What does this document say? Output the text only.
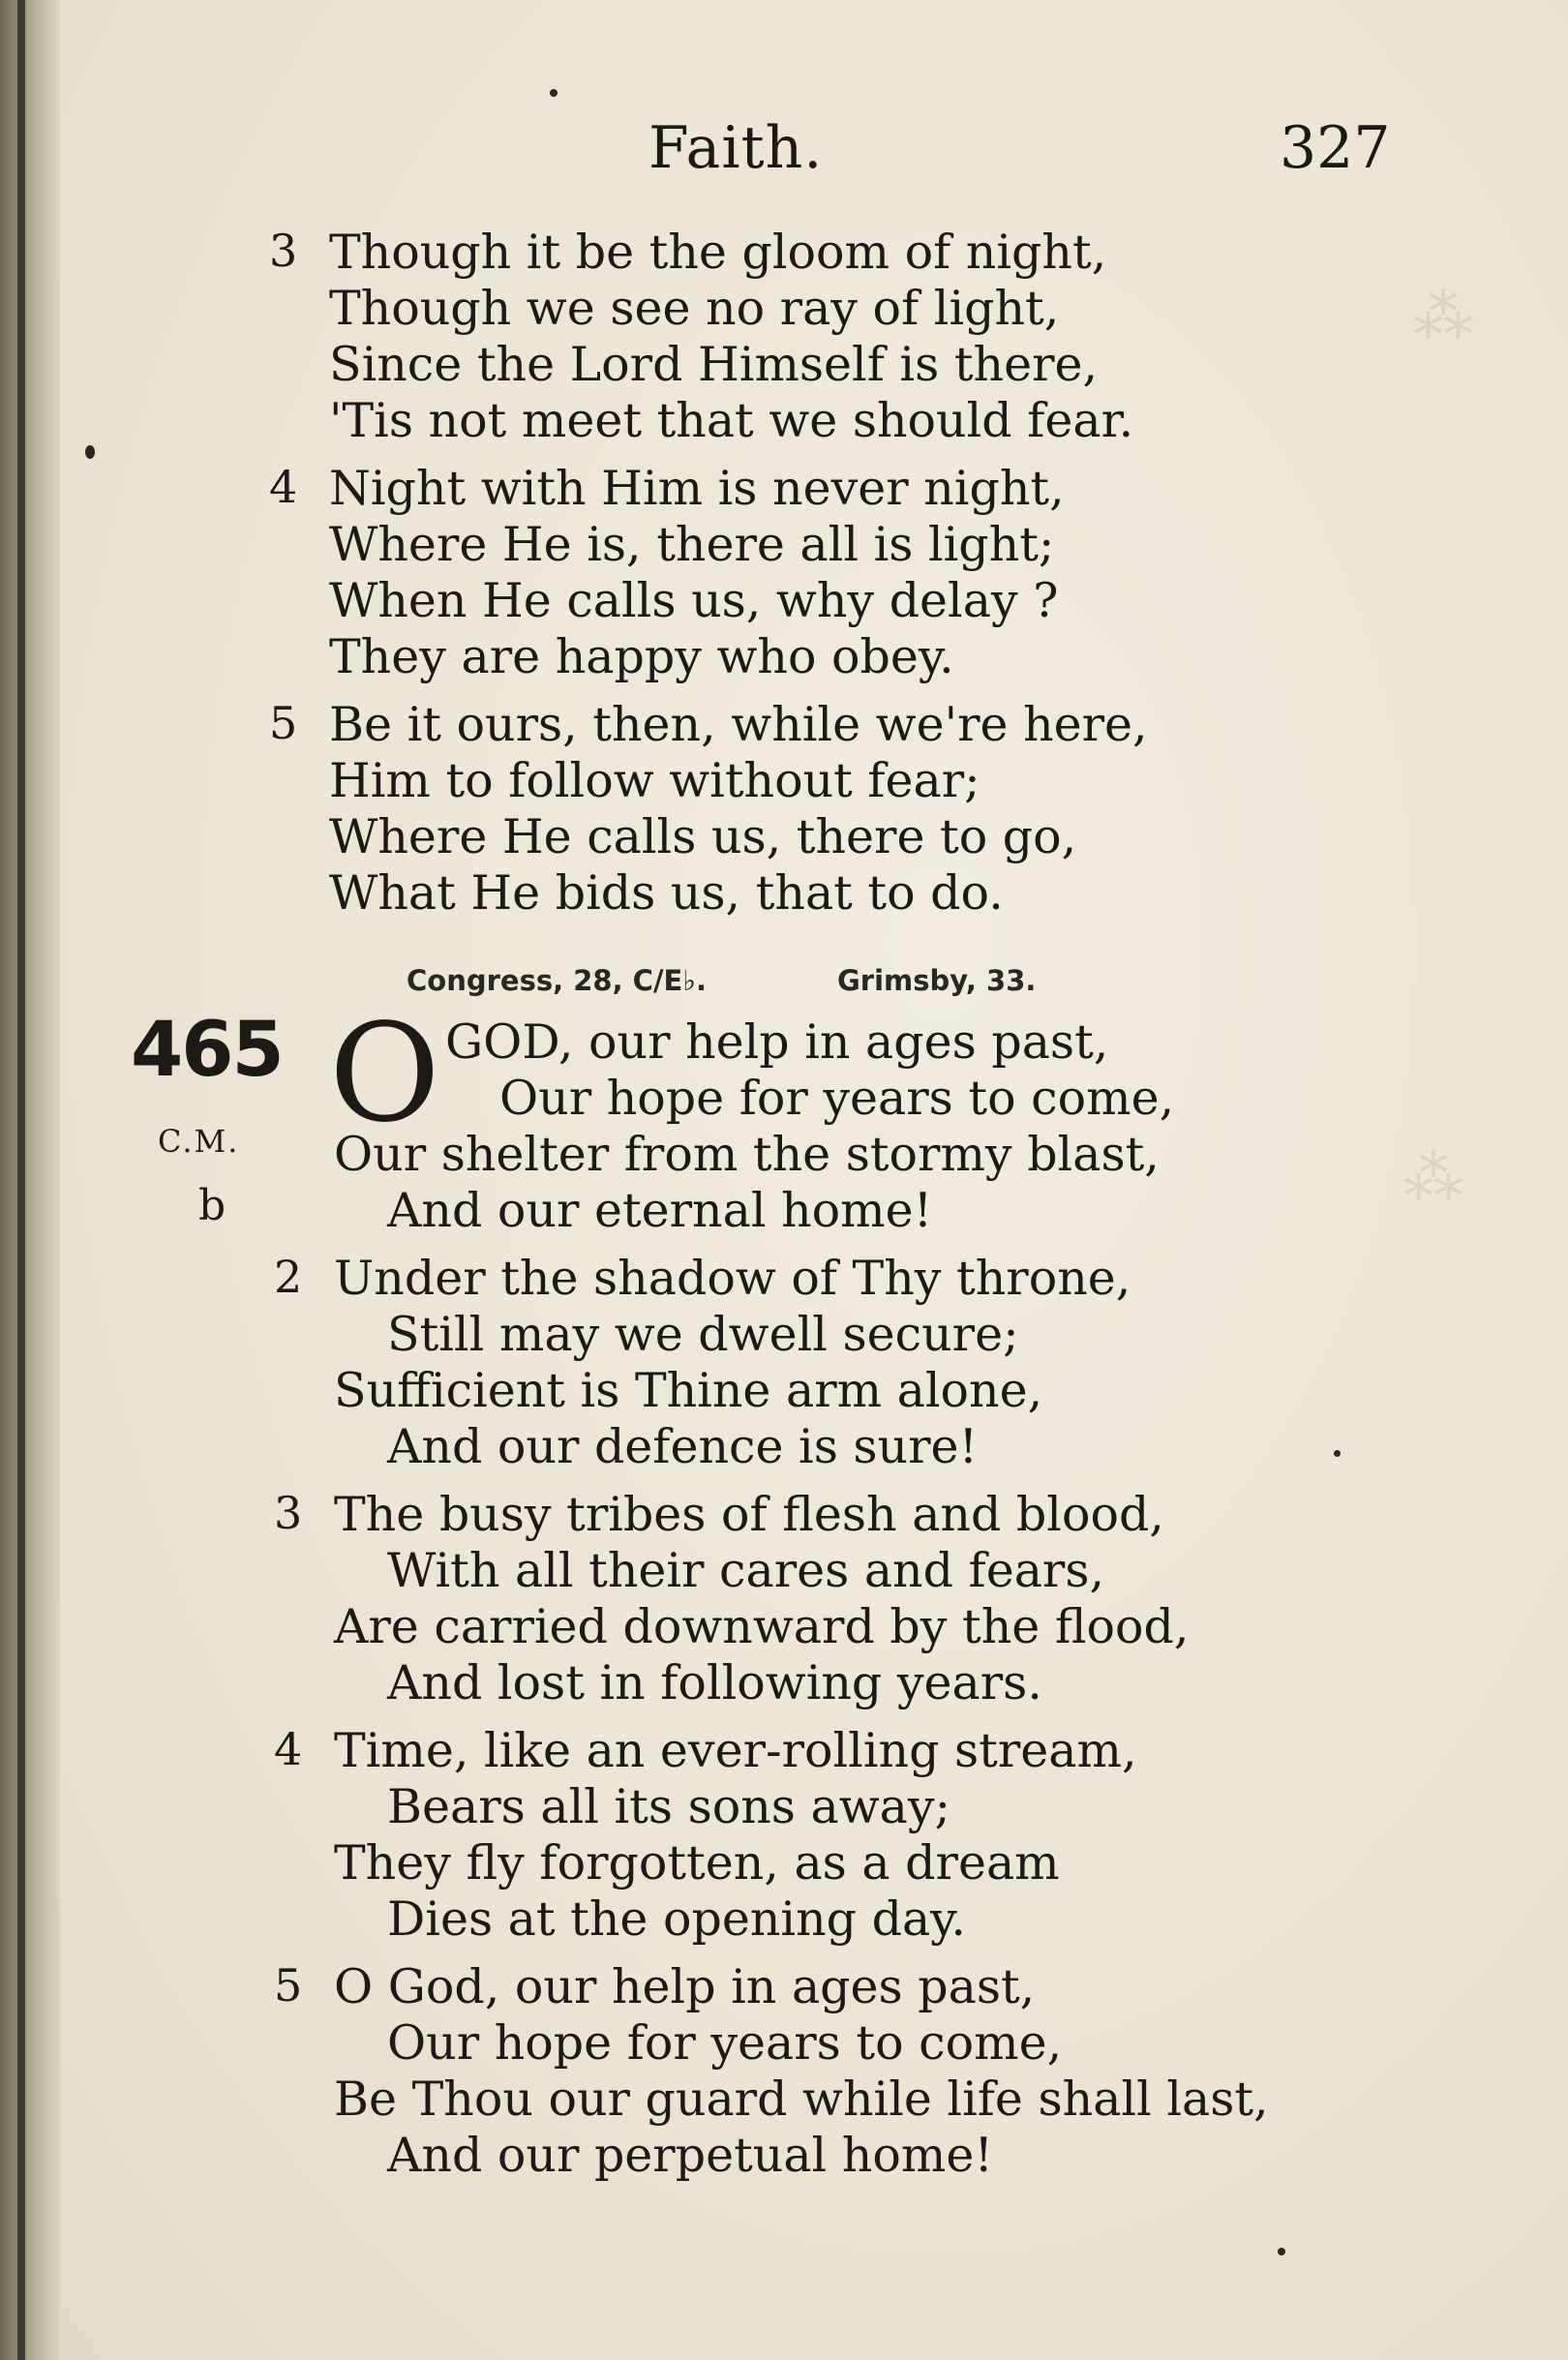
⁂
⁂
Faith.	327
3 Though it be the gloom of night,
Though we see no ray of light,
Since the Lord Himself is there,
'Tis not meet that we should fear.
4 Night with Him is never night,
Where He is, there all is light;
When He calls us, why delay ?
They are happy who obey.
5 Be it ours, then, while we're here,
Him to follow without fear;
Where He calls us, there to go,
What He bids us, that to do.
Congress, 28, C/E♭.	Grimsby, 33.
465
C.M.
b
O GOD, our help in ages past,
Our hope for years to come,
Our shelter from the stormy blast,
And our eternal home!
2 Under the shadow of Thy throne,
Still may we dwell secure;
Sufficient is Thine arm alone,
And our defence is sure!
3 The busy tribes of flesh and blood,
With all their cares and fears,
Are carried downward by the flood,
And lost in following years.
4 Time, like an ever-rolling stream,
Bears all its sons away;
They fly forgotten, as a dream
Dies at the opening day.
5 O God, our help in ages past,
Our hope for years to come,
Be Thou our guard while life shall last,
And our perpetual home!
